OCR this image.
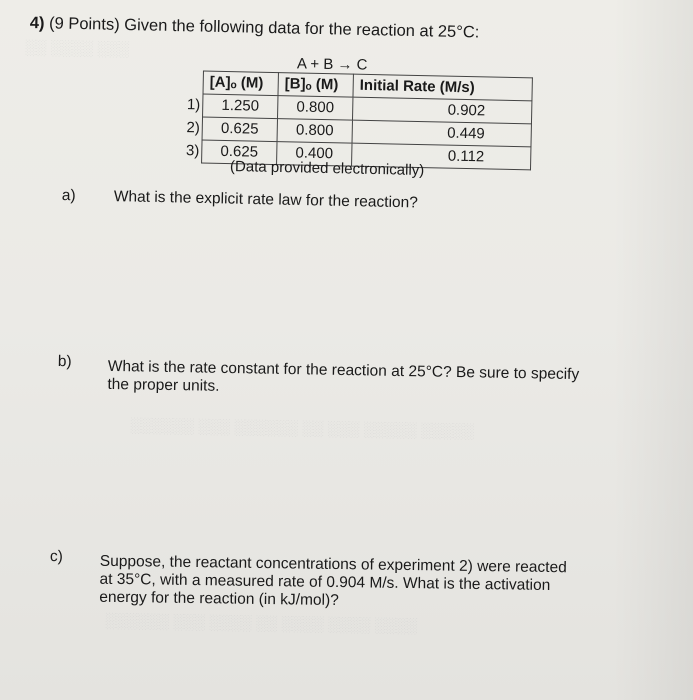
░░ ░░░░ ░░░
░░░░░░ ░░░ ░░░░░░ ░░ ░░░ ░░░░░ ░░░░░
░░░░░░ ░░░ ░░░░ ░░ ░░░░ ░░░░ ░░░░
4) (9 Points) Given the following data for the reaction at 25°C:
A + B → C
	[A]ₒ (M)	[B]ₒ (M)	Initial Rate (M/s)
1)	1.250	0.800	0.902
2)	0.625	0.800	0.449
3)	0.625	0.400	0.112
(Data provided electronically)
a) What is the explicit rate law for the reaction?
b) What is the rate constant for the reaction at 25°C? Be sure to specify
the proper units.
c) Suppose, the reactant concentrations of experiment 2) were reacted
at 35°C, with a measured rate of 0.904 M/s. What is the activation
energy for the reaction (in kJ/mol)?
